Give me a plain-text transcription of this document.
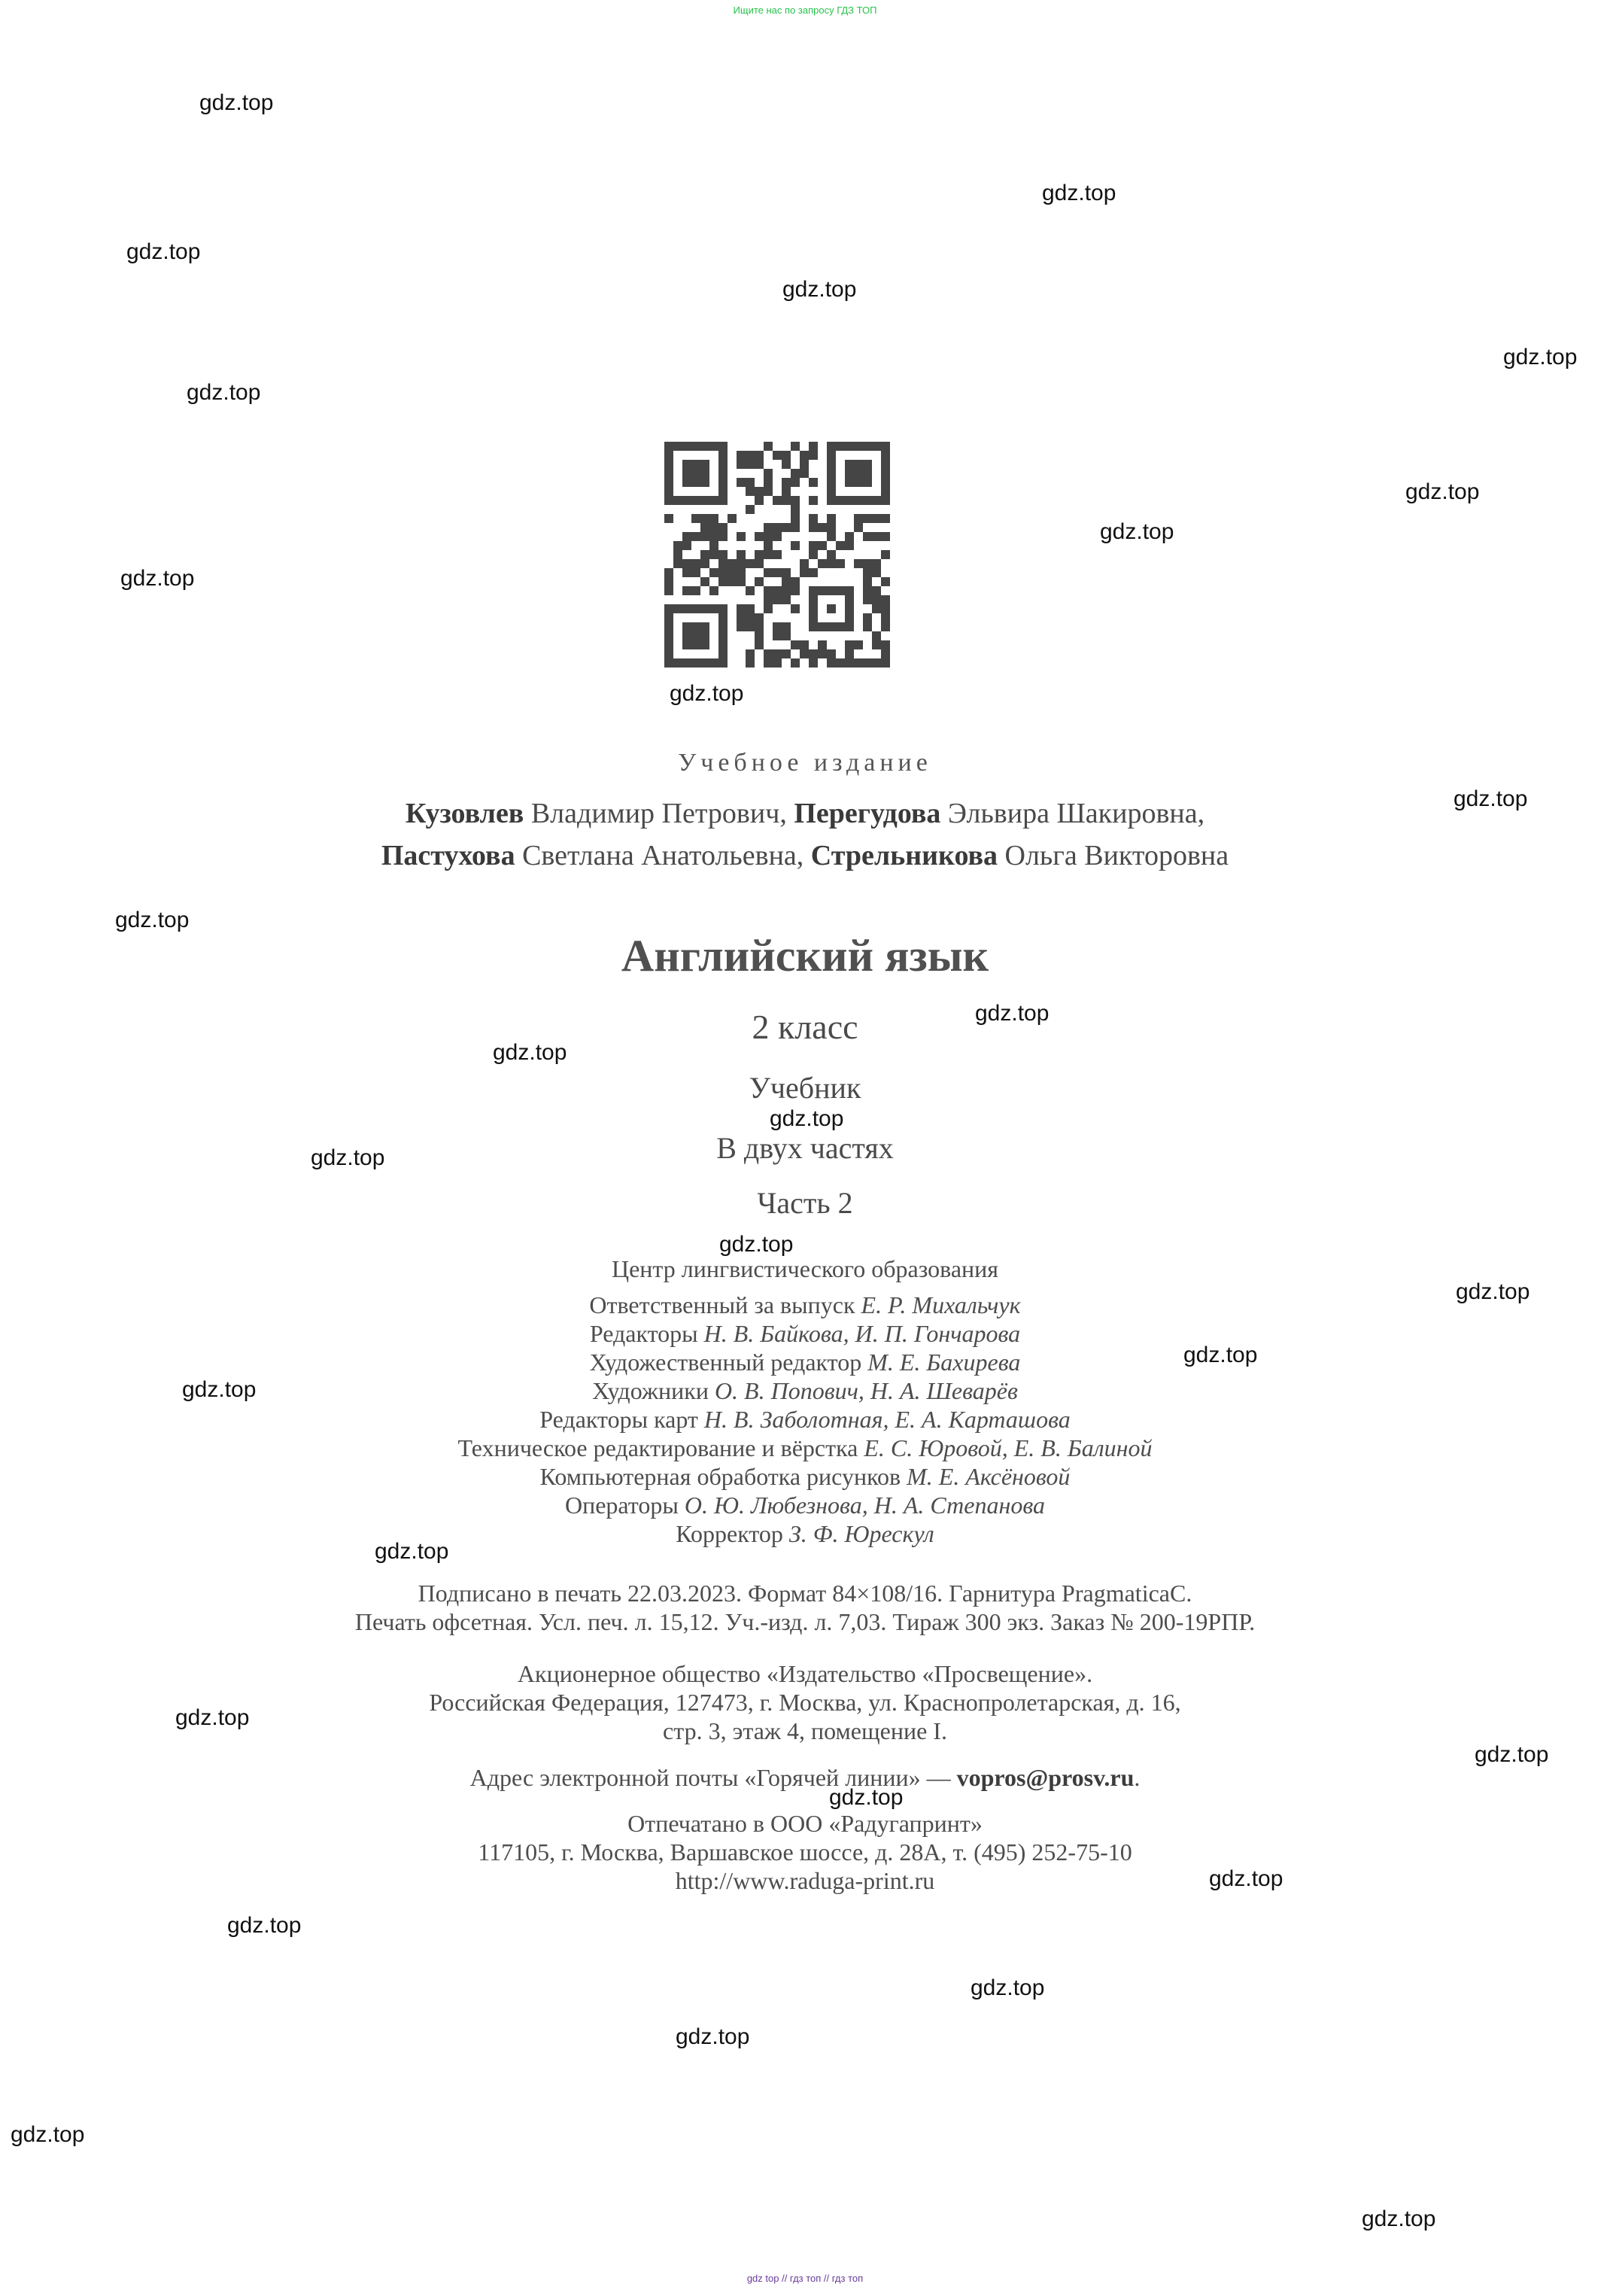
Ищите нас по запросу ГДЗ ТОП
gdz.top
gdz.top
gdz.top
gdz.top
gdz.top
gdz.top
gdz.top
gdz.top
gdz.top
gdz.top
gdz.top
gdz.top
gdz.top
gdz.top
gdz.top
gdz.top
gdz.top
gdz.top
gdz.top
gdz.top
gdz.top
gdz.top
gdz.top
gdz.top
gdz.top
gdz.top
gdz.top
gdz.top
gdz.top
gdz.top
Учебное издание
Кузовлев Владимир Петрович, Перегудова Эльвира Шакировна,
Пастухова Светлана Анатольевна, Стрельникова Ольга Викторовна
Английский язык
2 класс
Учебник
В двух частях
Часть 2
Центр лингвистического образования
Ответственный за выпуск Е. Р. Михальчук
Редакторы Н. В. Байкова, И. П. Гончарова
Художественный редактор М. Е. Бахирева
Художники О. В. Попович, Н. А. Шеварёв
Редакторы карт Н. В. Заболотная, Е. А. Карташова
Техническое редактирование и вёрстка Е. С. Юровой, Е. В. Балиной
Компьютерная обработка рисунков М. Е. Аксёновой
Операторы О. Ю. Любезнова, Н. А. Степанова
Корректор З. Ф. Юрескул
Подписано в печать 22.03.2023. Формат 84×108/16. Гарнитура PragmaticaC.
Печать офсетная. Усл. печ. л. 15,12. Уч.-изд. л. 7,03. Тираж 300 экз. Заказ № 200-19РПР.
Акционерное общество «Издательство «Просвещение».
Российская Федерация, 127473, г. Москва, ул. Краснопролетарская, д. 16,
стр. 3, этаж 4, помещение I.
Адрес электронной почты «Горячей линии» — vopros@prosv.ru.
Отпечатано в ООО «Радугапринт»
117105, г. Москва, Варшавское шоссе, д. 28А, т. (495) 252-75-10
http://www.raduga-print.ru
gdz top // гдз топ // гдз топ
